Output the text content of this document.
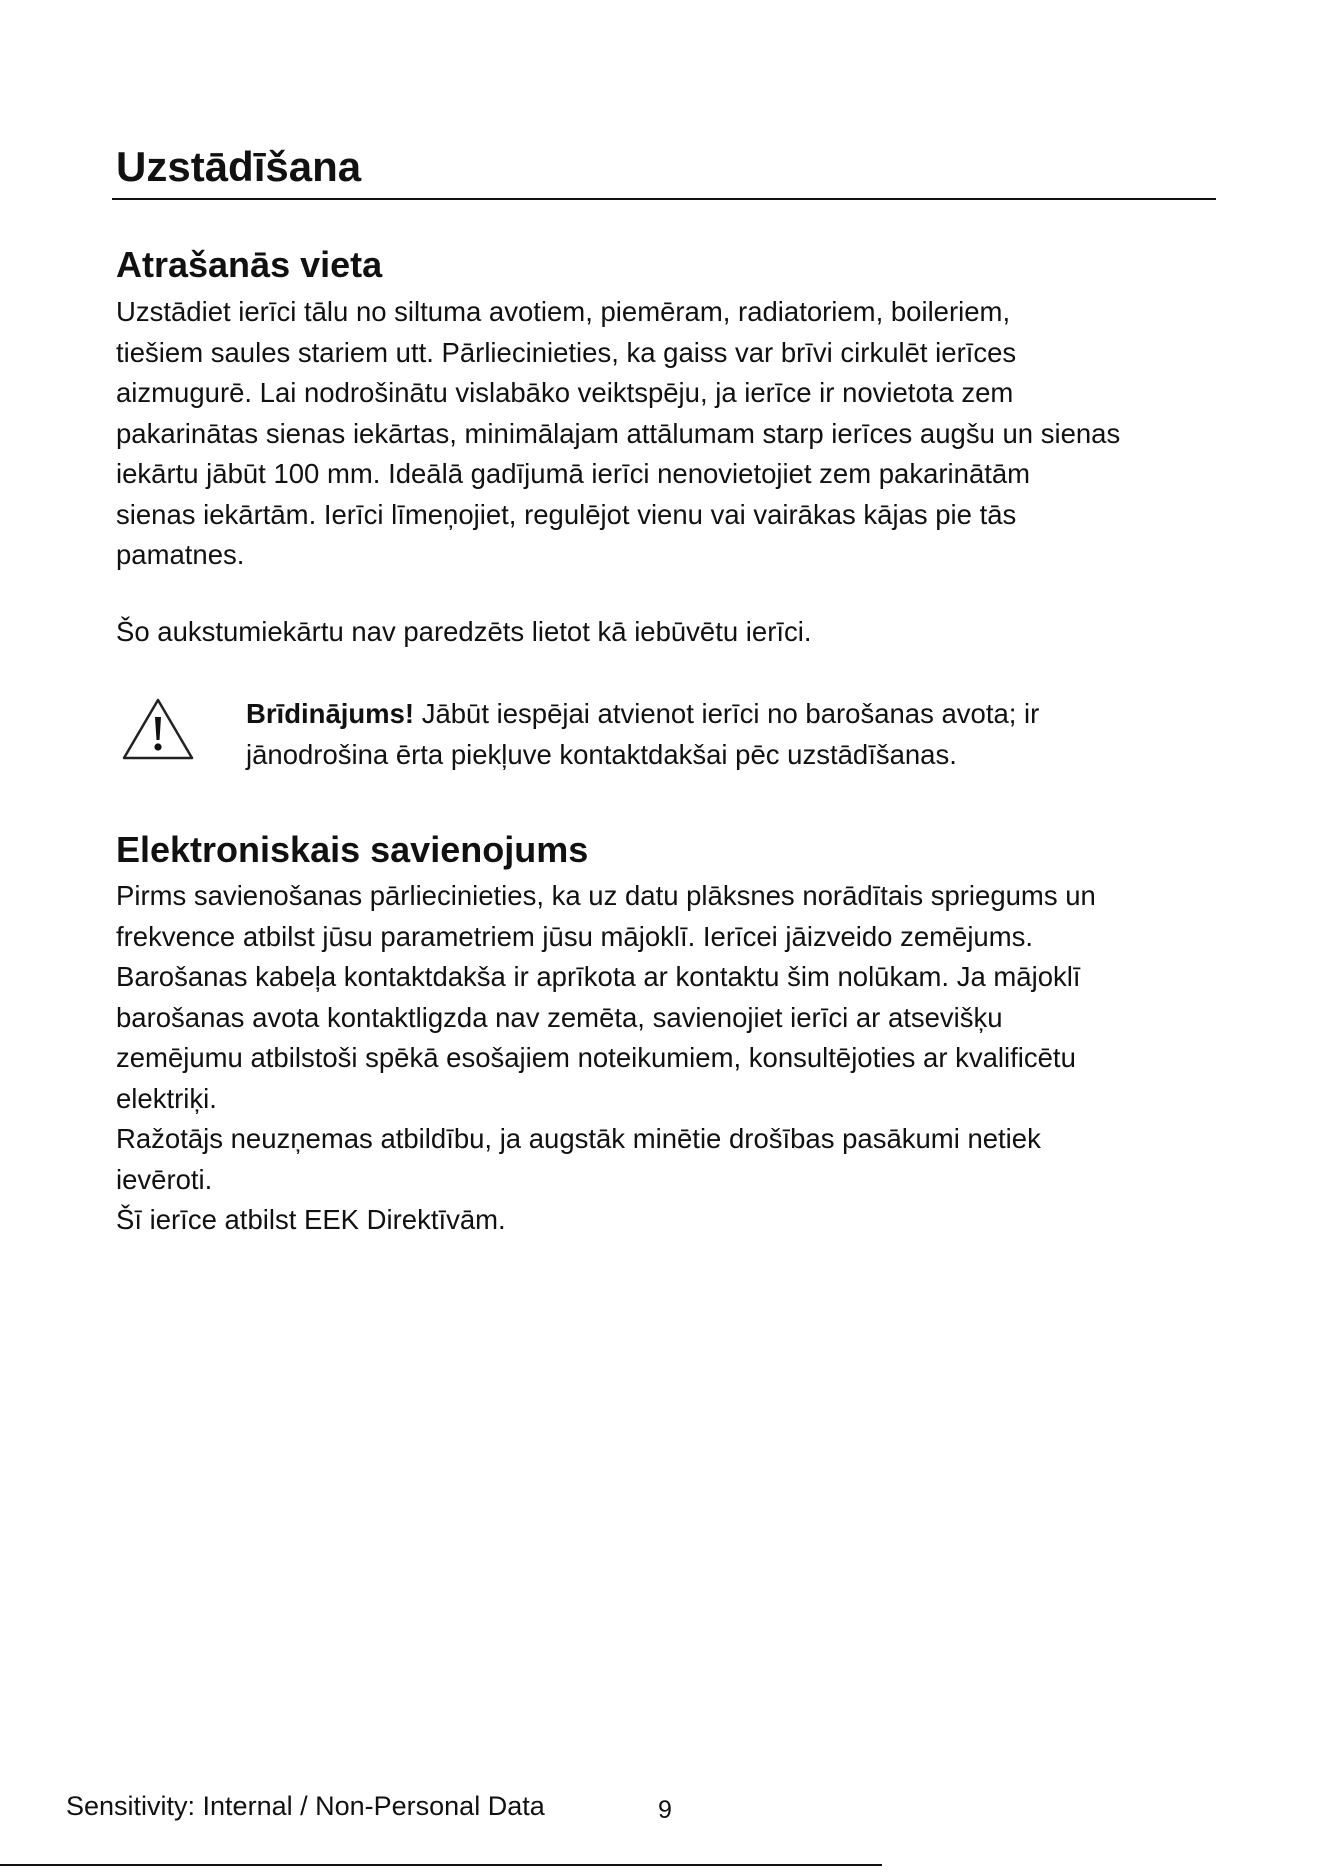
Uzstādīšana
Atrašanās vieta

Uzstādiet ierīci tālu no siltuma avotiem, piemēram, radiatoriem, boileriem,
tiešiem saules stariem utt. Pārliecinieties, ka gaiss var brīvi cirkulēt ierīces
aizmugurē. Lai nodrošinātu vislabāko veiktspēju, ja ierīce ir novietota zem
pakarinātas sienas iekārtas, minimālajam attālumam starp ierīces augšu un sienas
iekārtu jābūt 100 mm. Ideālā gadījumā ierīci nenovietojiet zem pakarinātām
sienas iekārtām. Ierīci līmeņojiet, regulējot vienu vai vairākas kājas pie tās
pamatnes.

Šo aukstumiekārtu nav paredzēts lietot kā iebūvētu ierīci.

Brīdinājums! Jābūt iespējai atvienot ierīci no barošanas avota; ir
jānodrošina ērta piekļuve kontaktdakšai pēc uzstādīšanas.

Elektroniskais savienojums

Pirms savienošanas pārliecinieties, ka uz datu plāksnes norādītais spriegums un
frekvence atbilst jūsu parametriem jūsu mājoklī. Ierīcei jāizveido zemējums.
Barošanas kabeļa kontaktdakša ir aprīkota ar kontaktu šim nolūkam. Ja mājoklī
barošanas avota kontaktligzda nav zemēta, savienojiet ierīci ar atsevišķu
zemējumu atbilstoši spēkā esošajiem noteikumiem, konsultējoties ar kvalificētu
elektriķi.
Ražotājs neuzņemas atbildību, ja augstāk minētie drošības pasākumi netiek
ievēroti.
Šī ierīce atbilst EEK Direktīvām.

Sensitivity: Internal / Non-Personal Data	9
